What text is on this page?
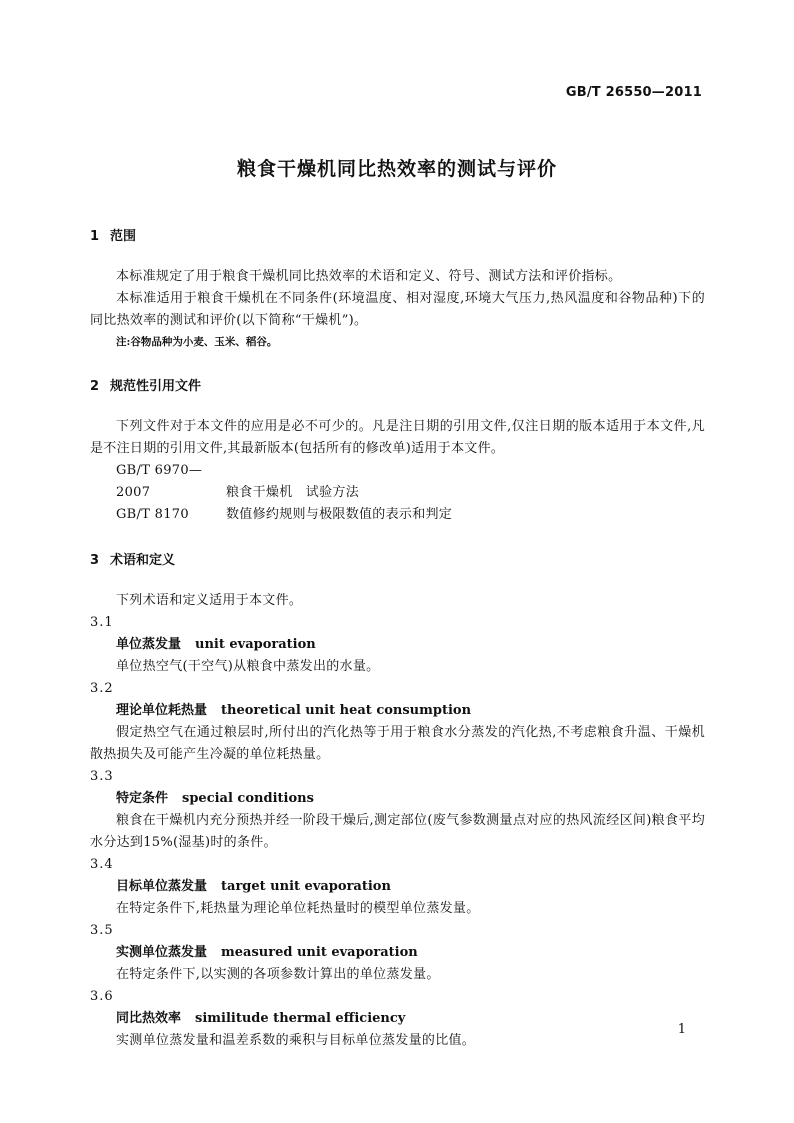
GB/T 26550—2011
粮食干燥机同比热效率的测试与评价
1 范围

本标准规定了用于粮食干燥机同比热效率的术语和定义、符号、测试方法和评价指标。

本标准适用于粮食干燥机在不同条件(环境温度、相对湿度,环境大气压力,热风温度和谷物品种)下的同比热效率的测试和评价(以下简称“干燥机”)。

注:谷物品种为小麦、玉米、稻谷。

2 规范性引用文件

下列文件对于本文件的应用是必不可少的。凡是注日期的引用文件,仅注日期的版本适用于本文件,凡是不注日期的引用文件,其最新版本(包括所有的修改单)适用于本文件。

GB/T 6970—2007	粮食干燥机　试验方法

GB/T 8170	数值修约规则与极限数值的表示和判定

3 术语和定义

下列术语和定义适用于本文件。

3.1

单位蒸发量 unit evaporation

单位热空气(干空气)从粮食中蒸发出的水量。

3.2

理论单位耗热量 theoretical unit heat consumption

假定热空气在通过粮层时,所付出的汽化热等于用于粮食水分蒸发的汽化热,不考虑粮食升温、干燥机散热损失及可能产生冷凝的单位耗热量。

3.3

特定条件 special conditions

粮食在干燥机内充分预热并经一阶段干燥后,测定部位(废气参数测量点对应的热风流经区间)粮食平均水分达到15%(湿基)时的条件。

3.4

目标单位蒸发量 target unit evaporation

在特定条件下,耗热量为理论单位耗热量时的模型单位蒸发量。

3.5

实测单位蒸发量 measured unit evaporation

在特定条件下,以实测的各项参数计算出的单位蒸发量。

3.6

同比热效率 similitude thermal efficiency

实测单位蒸发量和温差系数的乘积与目标单位蒸发量的比值。

1
